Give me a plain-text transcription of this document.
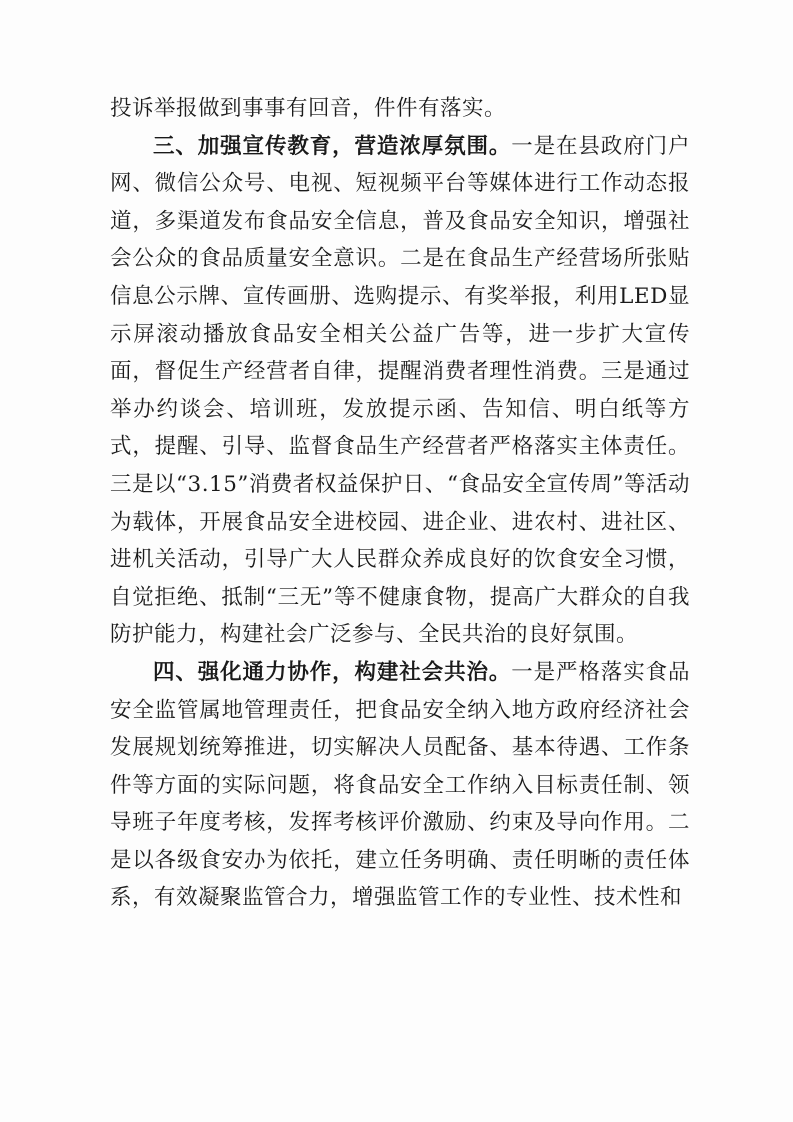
投诉举报做到事事有回音，件件有落实。

三、加强宣传教育，营造浓厚氛围。一是在县政府门户网、微信公众号、电视、短视频平台等媒体进行工作动态报道，多渠道发布食品安全信息，普及食品安全知识，增强社会公众的食品质量安全意识。二是在食品生产经营场所张贴信息公示牌、宣传画册、选购提示、有奖举报，利用LED显示屏滚动播放食品安全相关公益广告等，进一步扩大宣传面，督促生产经营者自律，提醒消费者理性消费。三是通过举办约谈会、培训班，发放提示函、告知信、明白纸等方式，提醒、引导、监督食品生产经营者严格落实主体责任。三是以“3.15”消费者权益保护日、“食品安全宣传周”等活动为载体，开展食品安全进校园、进企业、进农村、进社区、进机关活动，引导广大人民群众养成良好的饮食安全习惯，自觉拒绝、抵制“三无”等不健康食物，提高广大群众的自我防护能力，构建社会广泛参与、全民共治的良好氛围。

四、强化通力协作，构建社会共治。一是严格落实食品安全监管属地管理责任，把食品安全纳入地方政府经济社会发展规划统筹推进，切实解决人员配备、基本待遇、工作条件等方面的实际问题，将食品安全工作纳入目标责任制、领导班子年度考核，发挥考核评价激励、约束及导向作用。二是以各级食安办为依托，建立任务明确、责任明晰的责任体系，有效凝聚监管合力，增强监管工作的专业性、技术性和
